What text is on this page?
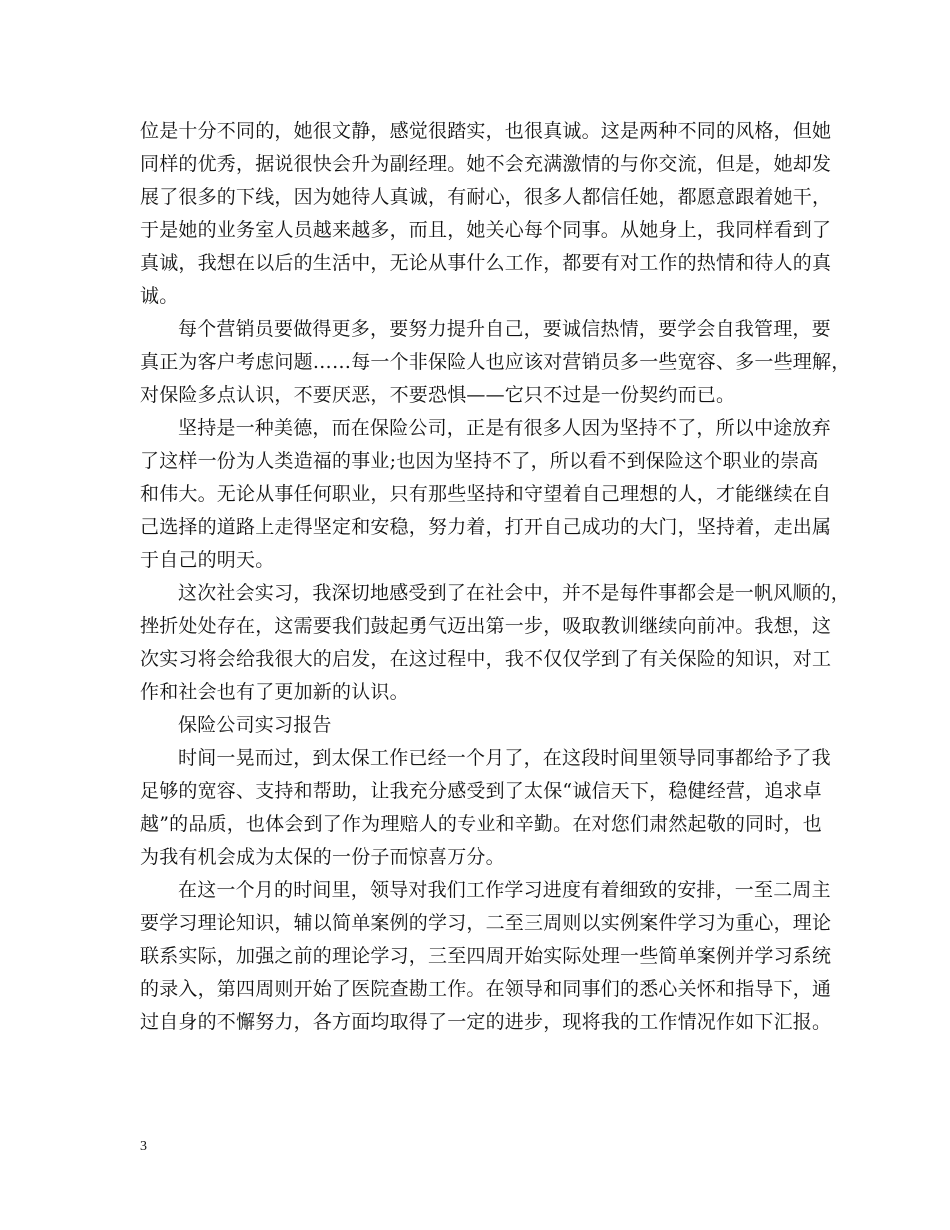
位是十分不同的，她很文静，感觉很踏实，也很真诚。这是两种不同的风格，但她
同样的优秀，据说很快会升为副经理。她不会充满激情的与你交流，但是，她却发
展了很多的下线，因为她待人真诚，有耐心，很多人都信任她，都愿意跟着她干，
于是她的业务室人员越来越多，而且，她关心每个同事。从她身上，我同样看到了
真诚，我想在以后的生活中，无论从事什么工作，都要有对工作的热情和待人的真
诚。
每个营销员要做得更多，要努力提升自己，要诚信热情，要学会自我管理，要
真正为客户考虑问题……每一个非保险人也应该对营销员多一些宽容、多一些理解，
对保险多点认识，不要厌恶，不要恐惧——它只不过是一份契约而已。
坚持是一种美德，而在保险公司，正是有很多人因为坚持不了，所以中途放弃
了这样一份为人类造福的事业;也因为坚持不了，所以看不到保险这个职业的崇高
和伟大。无论从事任何职业，只有那些坚持和守望着自己理想的人，才能继续在自
己选择的道路上走得坚定和安稳，努力着，打开自己成功的大门，坚持着，走出属
于自己的明天。
这次社会实习，我深切地感受到了在社会中，并不是每件事都会是一帆风顺的，
挫折处处存在，这需要我们鼓起勇气迈出第一步，吸取教训继续向前冲。我想，这
次实习将会给我很大的启发，在这过程中，我不仅仅学到了有关保险的知识，对工
作和社会也有了更加新的认识。
保险公司实习报告
时间一晃而过，到太保工作已经一个月了，在这段时间里领导同事都给予了我
足够的宽容、支持和帮助，让我充分感受到了太保“诚信天下，稳健经营，追求卓
越”的品质，也体会到了作为理赔人的专业和辛勤。在对您们肃然起敬的同时，也
为我有机会成为太保的一份子而惊喜万分。
在这一个月的时间里，领导对我们工作学习进度有着细致的安排，一至二周主
要学习理论知识，辅以简单案例的学习，二至三周则以实例案件学习为重心，理论
联系实际，加强之前的理论学习，三至四周开始实际处理一些简单案例并学习系统
的录入，第四周则开始了医院查勘工作。在领导和同事们的悉心关怀和指导下，通
过自身的不懈努力，各方面均取得了一定的进步，现将我的工作情况作如下汇报。
3
